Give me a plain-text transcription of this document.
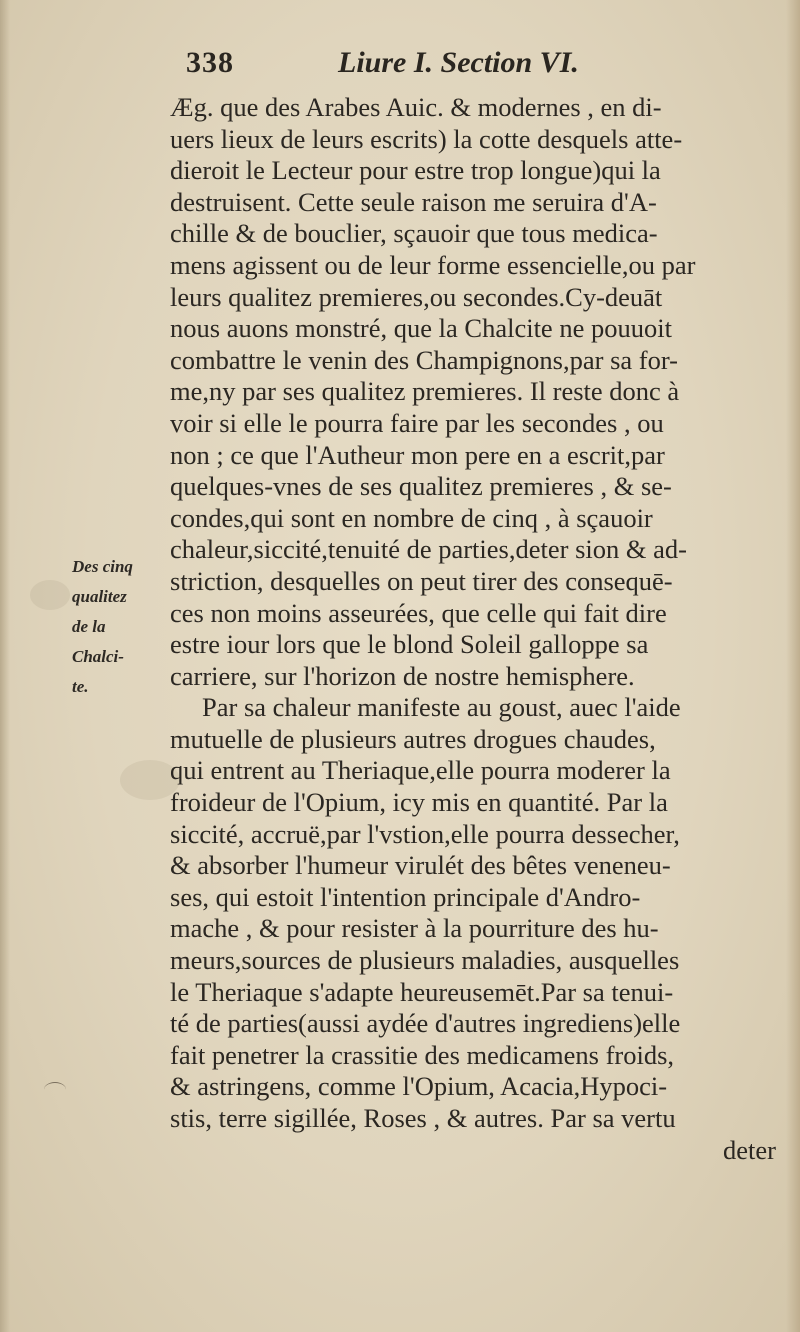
338	Liure I. Section VI.
Des cinq
qualitez
de la
Chalci-
te.
Æg. que des Arabes Auic. & modernes , en di-
uers lieux de leurs escrits) la cotte desquels atte-
dieroit le Lecteur pour estre trop longue)qui la
destruisent. Cette seule raison me seruira d'A-
chille & de bouclier, sçauoir que tous medica-
mens agissent ou de leur forme essencielle,ou par
leurs qualitez premieres,ou secondes.Cy-deuāt
nous auons monstré, que la Chalcite ne pouuoit
combattre le venin des Champignons,par sa for-
me,ny par ses qualitez premieres. Il reste donc à
voir si elle le pourra faire par les secondes , ou
non ; ce que l'Autheur mon pere en a escrit,par
quelques-vnes de ses qualitez premieres , & se-
condes,qui sont en nombre de cinq , à sçauoir
chaleur,siccité,tenuité de parties,deter sion & ad-
striction, desquelles on peut tirer des consequē-
ces non moins asseurées, que celle qui fait dire
estre iour lors que le blond Soleil galloppe sa
carriere, sur l'horizon de nostre hemisphere.
Par sa chaleur manifeste au goust, auec l'aide
mutuelle de plusieurs autres drogues chaudes,
qui entrent au Theriaque,elle pourra moderer la
froideur de l'Opium, icy mis en quantité. Par la
siccité, accruë,par l'vstion,elle pourra dessecher,
& absorber l'humeur virulét des bêtes veneneu-
ses, qui estoit l'intention principale d'Andro-
mache , & pour resister à la pourriture des hu-
meurs,sources de plusieurs maladies, ausquelles
le Theriaque s'adapte heureusemēt.Par sa tenui-
té de parties(aussi aydée d'autres ingrediens)elle
fait penetrer la crassitie des medicamens froids,
& astringens, comme l'Opium, Acacia,Hypoci-
stis, terre sigillée, Roses , & autres. Par sa vertu
deter
